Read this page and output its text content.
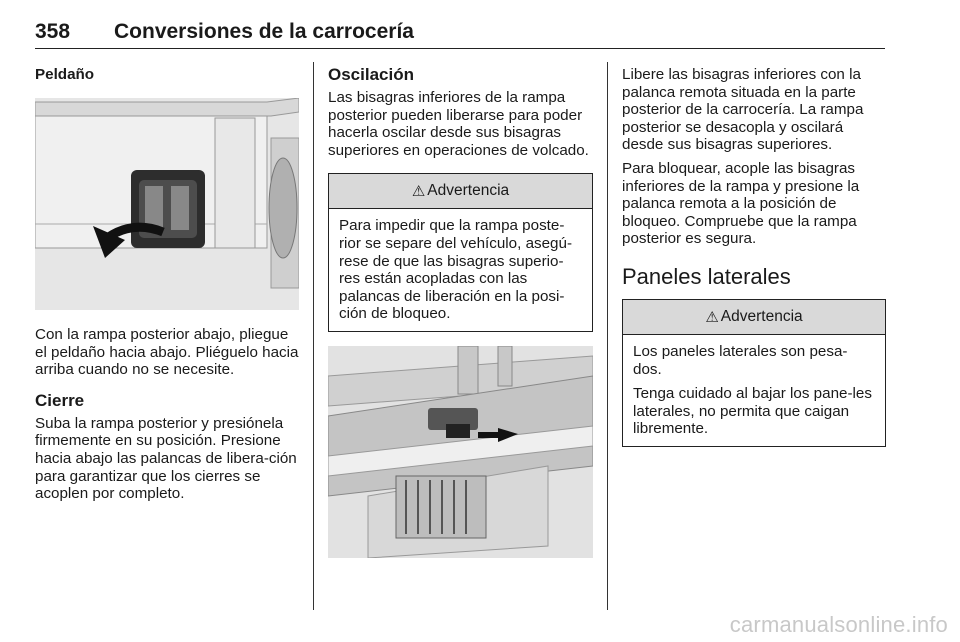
358 Conversiones de la carrocería
Peldaño

Con la rampa posterior abajo, pliegue el peldaño hacia abajo. Pliéguelo hacia arriba cuando no se necesite.

Cierre

Suba la rampa posterior y presiónela firmemente en su posición. Presione hacia abajo las palancas de libera-ción para garantizar que los cierres se acoplen por completo.

Oscilación

Las bisagras inferiores de la rampa posterior pueden liberarse para poder hacerla oscilar desde sus bisagras superiores en operaciones de volcado.

⚠ Advertencia

Para impedir que la rampa poste-rior se separe del vehículo, asegú-rese de que las bisagras superio-res están acopladas con las palancas de liberación en la posi-ción de bloqueo.

Libere las bisagras inferiores con la palanca remota situada en la parte posterior de la carrocería. La rampa posterior se desacopla y oscilará desde sus bisagras superiores.

Para bloquear, acople las bisagras inferiores de la rampa y presione la palanca remota a la posición de bloqueo. Compruebe que la rampa posterior es segura.

Paneles laterales
⚠ Advertencia

Los paneles laterales son pesa-dos.

Tenga cuidado al bajar los pane-les laterales, no permita que caigan libremente.

carmanualsonline.info
